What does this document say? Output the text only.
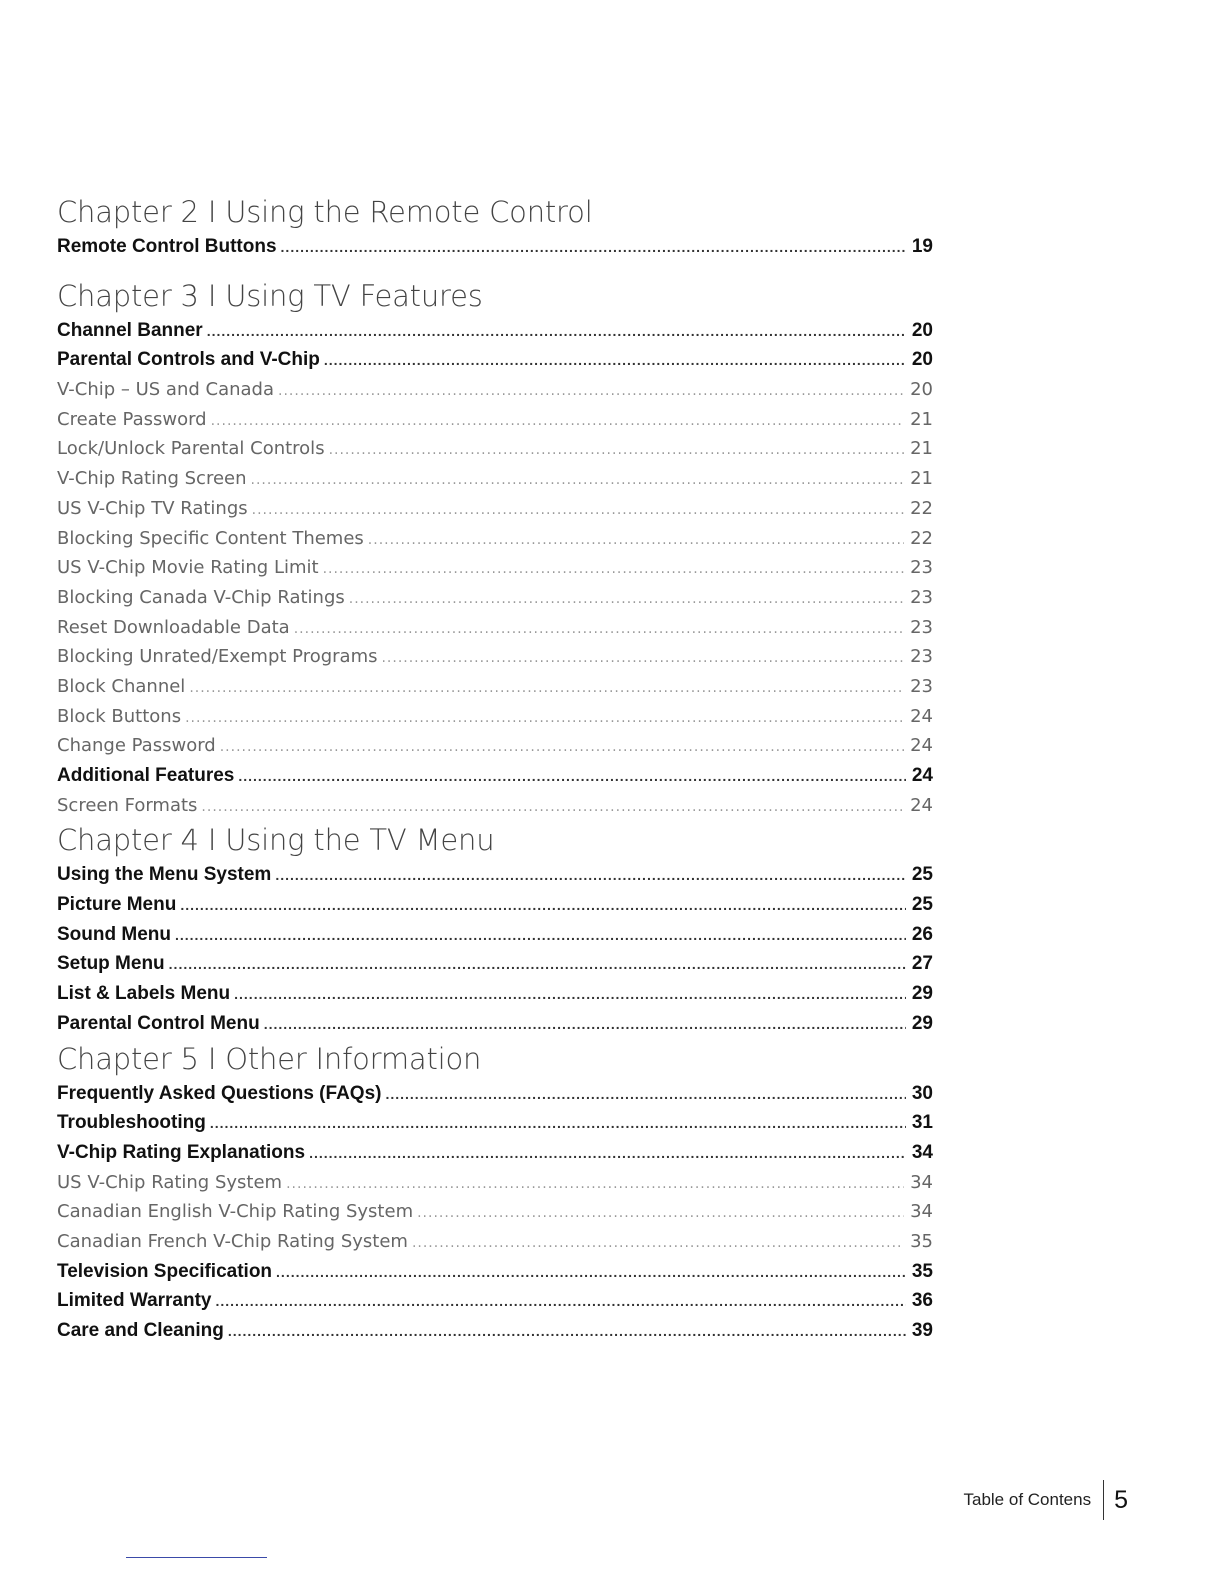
Chapter 2 I Using the Remote Control
Remote Control Buttons .....	19
Chapter 3 I Using TV Features
Channel Banner .....	20
Parental Controls and V-Chip .....	20
V-Chip – US and Canada .....	20
Create Password .....	21
Lock/Unlock Parental Controls .....	21
V-Chip Rating Screen .....	21
US V-Chip TV Ratings .....	22
Blocking Specific Content Themes .....	22
US V-Chip Movie Rating Limit .....	23
Blocking Canada V-Chip Ratings .....	23
Reset Downloadable Data .....	23
Blocking Unrated/Exempt Programs .....	23
Block Channel .....	23
Block Buttons .....	24
Change Password .....	24
Additional Features .....	24
Screen Formats .....	24
Chapter 4 I Using the TV Menu
Using the Menu System .....	25
Picture Menu .....	25
Sound Menu .....	26
Setup Menu .....	27
List & Labels Menu .....	29
Parental Control Menu .....	29
Chapter 5 I Other Information
Frequently Asked Questions (FAQs) .....	30
Troubleshooting .....	31
V-Chip Rating Explanations .....	34
US V-Chip Rating System .....	34
Canadian English V-Chip Rating System .....	34
Canadian French V-Chip Rating System .....	35
Television Specification .....	35
Limited Warranty .....	36
Care and Cleaning .....	39
Table of Contens 5
